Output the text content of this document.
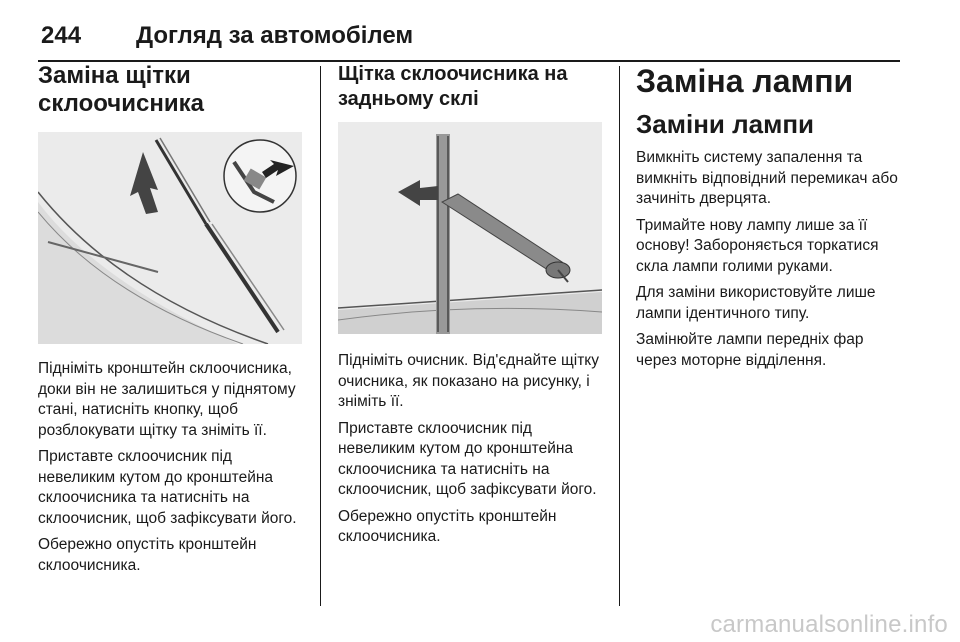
244 Догляд за автомобілем
Заміна щітки
склоочисника

Підніміть кронштейн склоочисника, доки він не залишиться у піднятому стані, натисніть кнопку, щоб розблокувати щітку та зніміть її.

Приставте склоочисник під невеликим кутом до кронштейна склоочисника та натисніть на склоочисник, щоб зафіксувати його.

Обережно опустіть кронштейн склоочисника.

Щітка склоочисника на
задньому склі

Підніміть очисник. Від'єднайте щітку очисника, як показано на рисунку, і зніміть її.

Приставте склоочисник під невеликим кутом до кронштейна склоочисника та натисніть на склоочисник, щоб зафіксувати його.

Обережно опустіть кронштейн склоочисника.

Заміна лампи
Заміни лампи

Вимкніть систему запалення та вимкніть відповідний перемикач або зачиніть дверцята.

Тримайте нову лампу лише за її основу! Забороняється торкатися скла лампи голими руками.

Для заміни використовуйте лише лампи ідентичного типу.

Замінюйте лампи передніх фар через моторне відділення.

carmanualsonline.info
